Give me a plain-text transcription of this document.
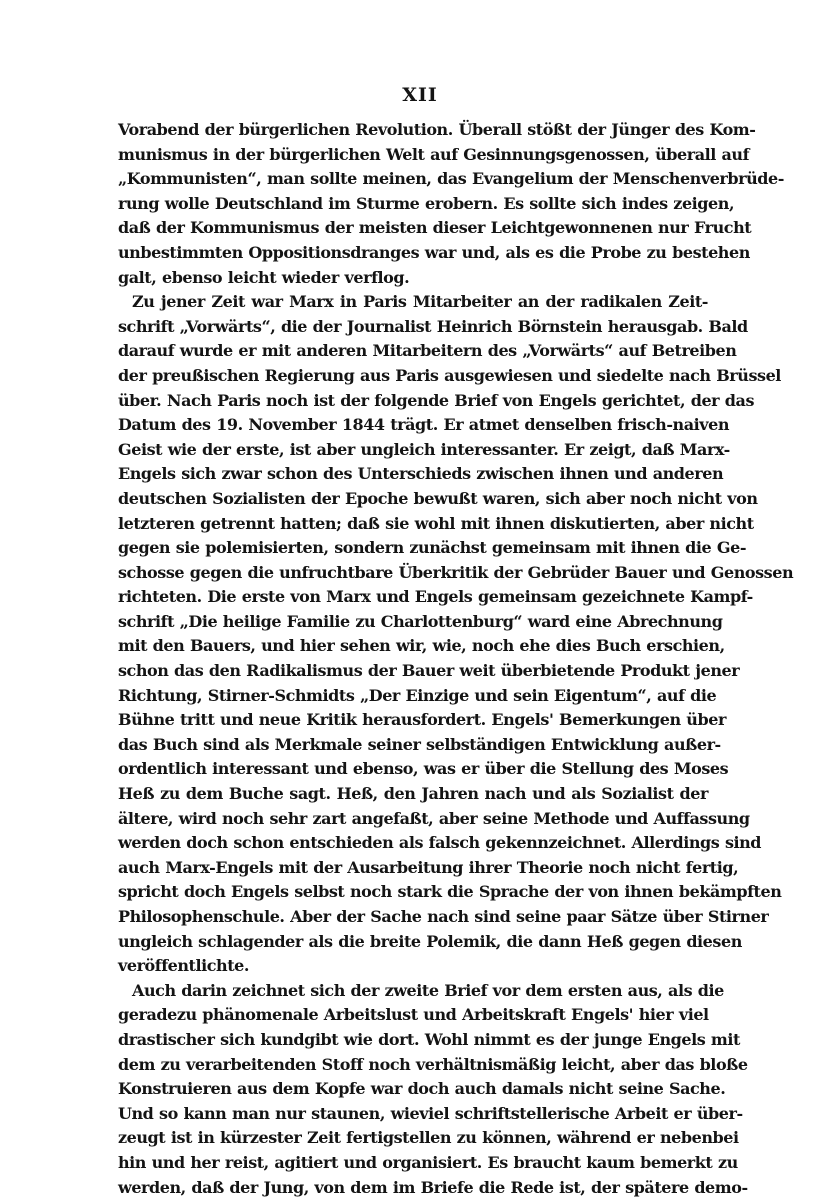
XII
Vorabend der bürgerlichen Revolution. Überall stößt der Jünger des Kom-
munismus in der bürgerlichen Welt auf Gesinnungsgenossen, überall auf
„Kommunisten“, man sollte meinen, das Evangelium der Menschenverbrüde-
rung wolle Deutschland im Sturme erobern. Es sollte sich indes zeigen,
daß der Kommunismus der meisten dieser Leichtgewonnenen nur Frucht
unbestimmten Oppositionsdranges war und, als es die Probe zu bestehen
galt, ebenso leicht wieder verflog.
Zu jener Zeit war Marx in Paris Mitarbeiter an der radikalen Zeit-
schrift „Vorwärts“, die der Journalist Heinrich Börnstein herausgab. Bald
darauf wurde er mit anderen Mitarbeitern des „Vorwärts“ auf Betreiben
der preußischen Regierung aus Paris ausgewiesen und siedelte nach Brüssel
über. Nach Paris noch ist der folgende Brief von Engels gerichtet, der das
Datum des 19. November 1844 trägt. Er atmet denselben frisch-naiven
Geist wie der erste, ist aber ungleich interessanter. Er zeigt, daß Marx-
Engels sich zwar schon des Unterschieds zwischen ihnen und anderen
deutschen Sozialisten der Epoche bewußt waren, sich aber noch nicht von
letzteren getrennt hatten; daß sie wohl mit ihnen diskutierten, aber nicht
gegen sie polemisierten, sondern zunächst gemeinsam mit ihnen die Ge-
schosse gegen die unfruchtbare Überkritik der Gebrüder Bauer und Genossen
richteten. Die erste von Marx und Engels gemeinsam gezeichnete Kampf-
schrift „Die heilige Familie zu Charlottenburg“ ward eine Abrechnung
mit den Bauers, und hier sehen wir, wie, noch ehe dies Buch erschien,
schon das den Radikalismus der Bauer weit überbietende Produkt jener
Richtung, Stirner-Schmidts „Der Einzige und sein Eigentum“, auf die
Bühne tritt und neue Kritik herausfordert. Engels' Bemerkungen über
das Buch sind als Merkmale seiner selbständigen Entwicklung außer-
ordentlich interessant und ebenso, was er über die Stellung des Moses
Heß zu dem Buche sagt. Heß, den Jahren nach und als Sozialist der
ältere, wird noch sehr zart angefaßt, aber seine Methode und Auffassung
werden doch schon entschieden als falsch gekennzeichnet. Allerdings sind
auch Marx-Engels mit der Ausarbeitung ihrer Theorie noch nicht fertig,
spricht doch Engels selbst noch stark die Sprache der von ihnen bekämpften
Philosophenschule. Aber der Sache nach sind seine paar Sätze über Stirner
ungleich schlagender als die breite Polemik, die dann Heß gegen diesen
veröffentlichte.
Auch darin zeichnet sich der zweite Brief vor dem ersten aus, als die
geradezu phänomenale Arbeitslust und Arbeitskraft Engels' hier viel
drastischer sich kundgibt wie dort. Wohl nimmt es der junge Engels mit
dem zu verarbeitenden Stoff noch verhältnismäßig leicht, aber das bloße
Konstruieren aus dem Kopfe war doch auch damals nicht seine Sache.
Und so kann man nur staunen, wieviel schriftstellerische Arbeit er über-
zeugt ist in kürzester Zeit fertigstellen zu können, während er nebenbei
hin und her reist, agitiert und organisiert. Es braucht kaum bemerkt zu
werden, daß der Jung, von dem im Briefe die Rede ist, der spätere demo-
